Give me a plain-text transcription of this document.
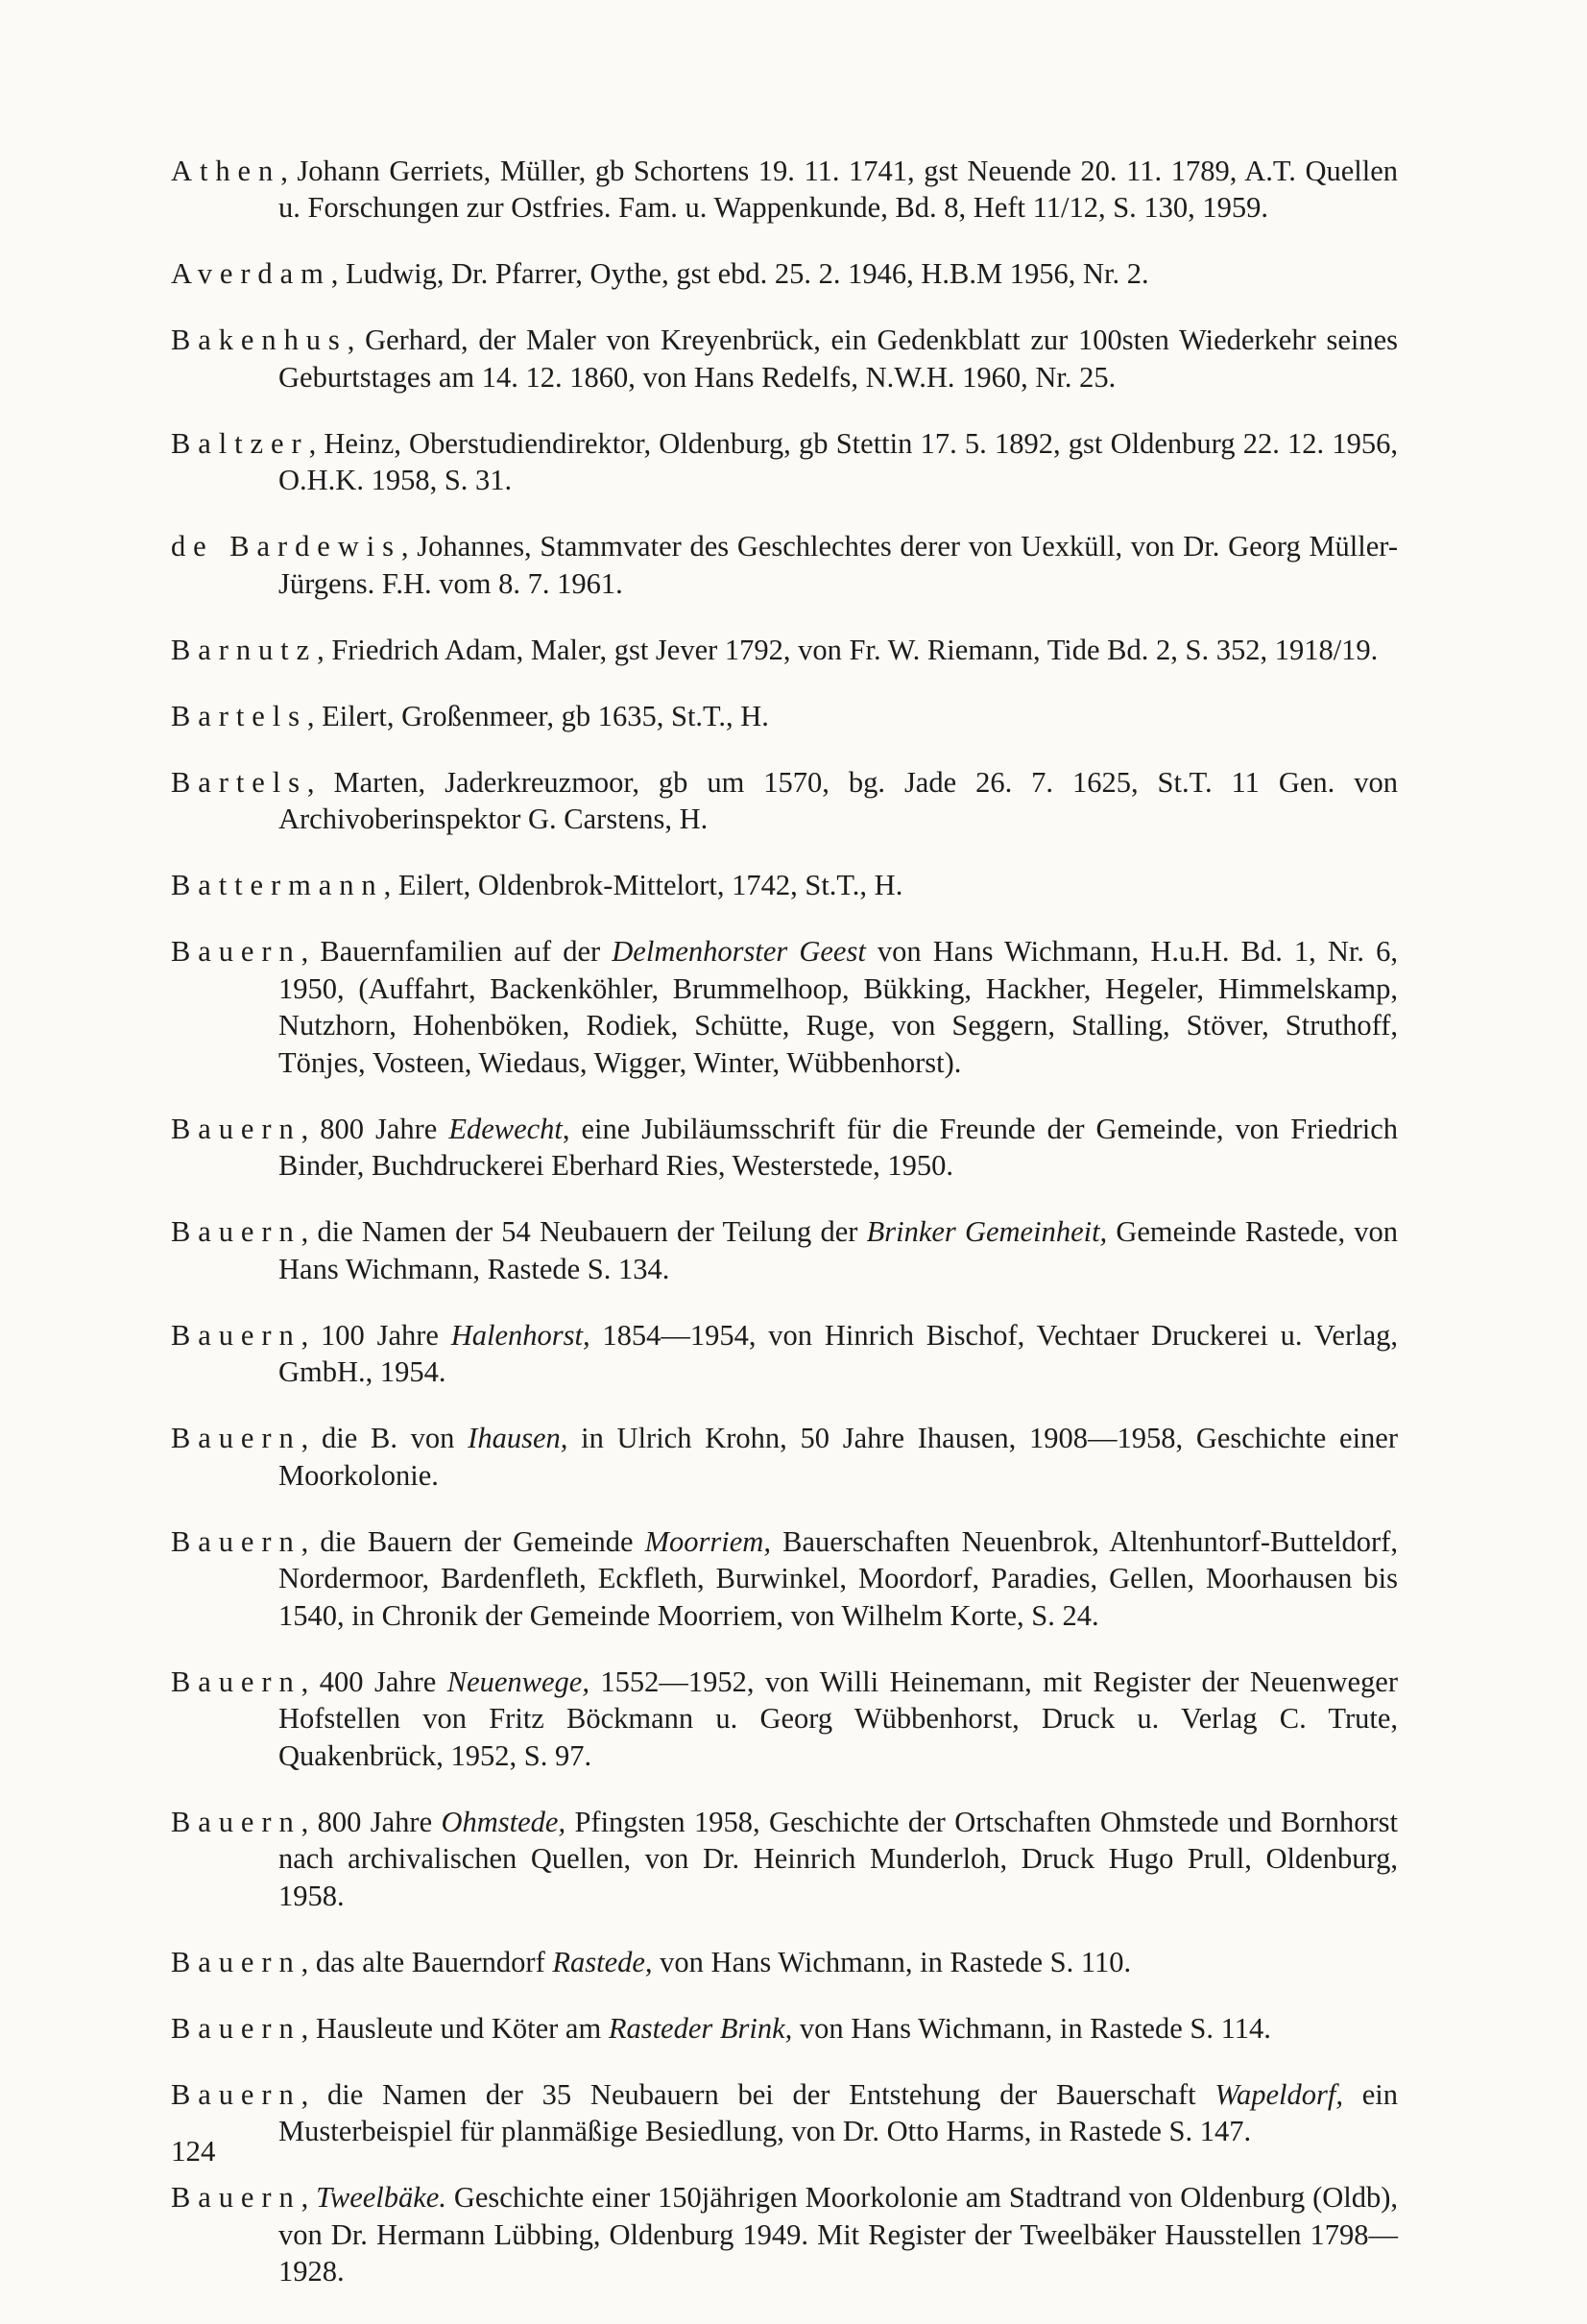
Athen, Johann Gerriets, Müller, gb Schortens 19. 11. 1741, gst Neuende 20. 11. 1789, A.T. Quellen u. Forschungen zur Ostfries. Fam. u. Wappenkunde, Bd. 8, Heft 11/12, S. 130, 1959.

Averdam, Ludwig, Dr. Pfarrer, Oythe, gst ebd. 25. 2. 1946, H.B.M 1956, Nr. 2.

Bakenhus, Gerhard, der Maler von Kreyenbrück, ein Gedenkblatt zur 100sten Wiederkehr seines Geburtstages am 14. 12. 1860, von Hans Redelfs, N.W.H. 1960, Nr. 25.

Baltzer, Heinz, Oberstudiendirektor, Oldenburg, gb Stettin 17. 5. 1892, gst Oldenburg 22. 12. 1956, O.H.K. 1958, S. 31.

de Bardewis, Johannes, Stammvater des Geschlechtes derer von Uexküll, von Dr. Georg Müller-Jürgens. F.H. vom 8. 7. 1961.

Barnutz, Friedrich Adam, Maler, gst Jever 1792, von Fr. W. Riemann, Tide Bd. 2, S. 352, 1918/19.

Bartels, Eilert, Großenmeer, gb 1635, St.T., H.

Bartels, Marten, Jaderkreuzmoor, gb um 1570, bg. Jade 26. 7. 1625, St.T. 11 Gen. von Archivoberinspektor G. Carstens, H.

Battermann, Eilert, Oldenbrok-Mittelort, 1742, St.T., H.

Bauern, Bauernfamilien auf der Delmenhorster Geest von Hans Wichmann, H.u.H. Bd. 1, Nr. 6, 1950, (Auffahrt, Backenköhler, Brummelhoop, Bükking, Hackher, Hegeler, Himmelskamp, Nutzhorn, Hohenböken, Rodiek, Schütte, Ruge, von Seggern, Stalling, Stöver, Struthoff, Tönjes, Vosteen, Wiedaus, Wigger, Winter, Wübbenhorst).

Bauern, 800 Jahre Edewecht, eine Jubiläumsschrift für die Freunde der Gemeinde, von Friedrich Binder, Buchdruckerei Eberhard Ries, Westerstede, 1950.

Bauern, die Namen der 54 Neubauern der Teilung der Brinker Gemeinheit, Gemeinde Rastede, von Hans Wichmann, Rastede S. 134.

Bauern, 100 Jahre Halenhorst, 1854—1954, von Hinrich Bischof, Vechtaer Druckerei u. Verlag, GmbH., 1954.

Bauern, die B. von Ihausen, in Ulrich Krohn, 50 Jahre Ihausen, 1908—1958, Geschichte einer Moorkolonie.

Bauern, die Bauern der Gemeinde Moorriem, Bauerschaften Neuenbrok, Altenhuntorf-Butteldorf, Nordermoor, Bardenfleth, Eckfleth, Burwinkel, Moordorf, Paradies, Gellen, Moorhausen bis 1540, in Chronik der Gemeinde Moorriem, von Wilhelm Korte, S. 24.

Bauern, 400 Jahre Neuenwege, 1552—1952, von Willi Heinemann, mit Register der Neuenweger Hofstellen von Fritz Böckmann u. Georg Wübbenhorst, Druck u. Verlag C. Trute, Quakenbrück, 1952, S. 97.

Bauern, 800 Jahre Ohmstede, Pfingsten 1958, Geschichte der Ortschaften Ohmstede und Bornhorst nach archivalischen Quellen, von Dr. Heinrich Munderloh, Druck Hugo Prull, Oldenburg, 1958.

Bauern, das alte Bauerndorf Rastede, von Hans Wichmann, in Rastede S. 110.

Bauern, Hausleute und Köter am Rasteder Brink, von Hans Wichmann, in Rastede S. 114.

Bauern, die Namen der 35 Neubauern bei der Entstehung der Bauerschaft Wapeldorf, ein Musterbeispiel für planmäßige Besiedlung, von Dr. Otto Harms, in Rastede S. 147.

Bauern, Tweelbäke. Geschichte einer 150jährigen Moorkolonie am Stadtrand von Oldenburg (Oldb), von Dr. Hermann Lübbing, Oldenburg 1949. Mit Register der Tweelbäker Hausstellen 1798—1928.

124
